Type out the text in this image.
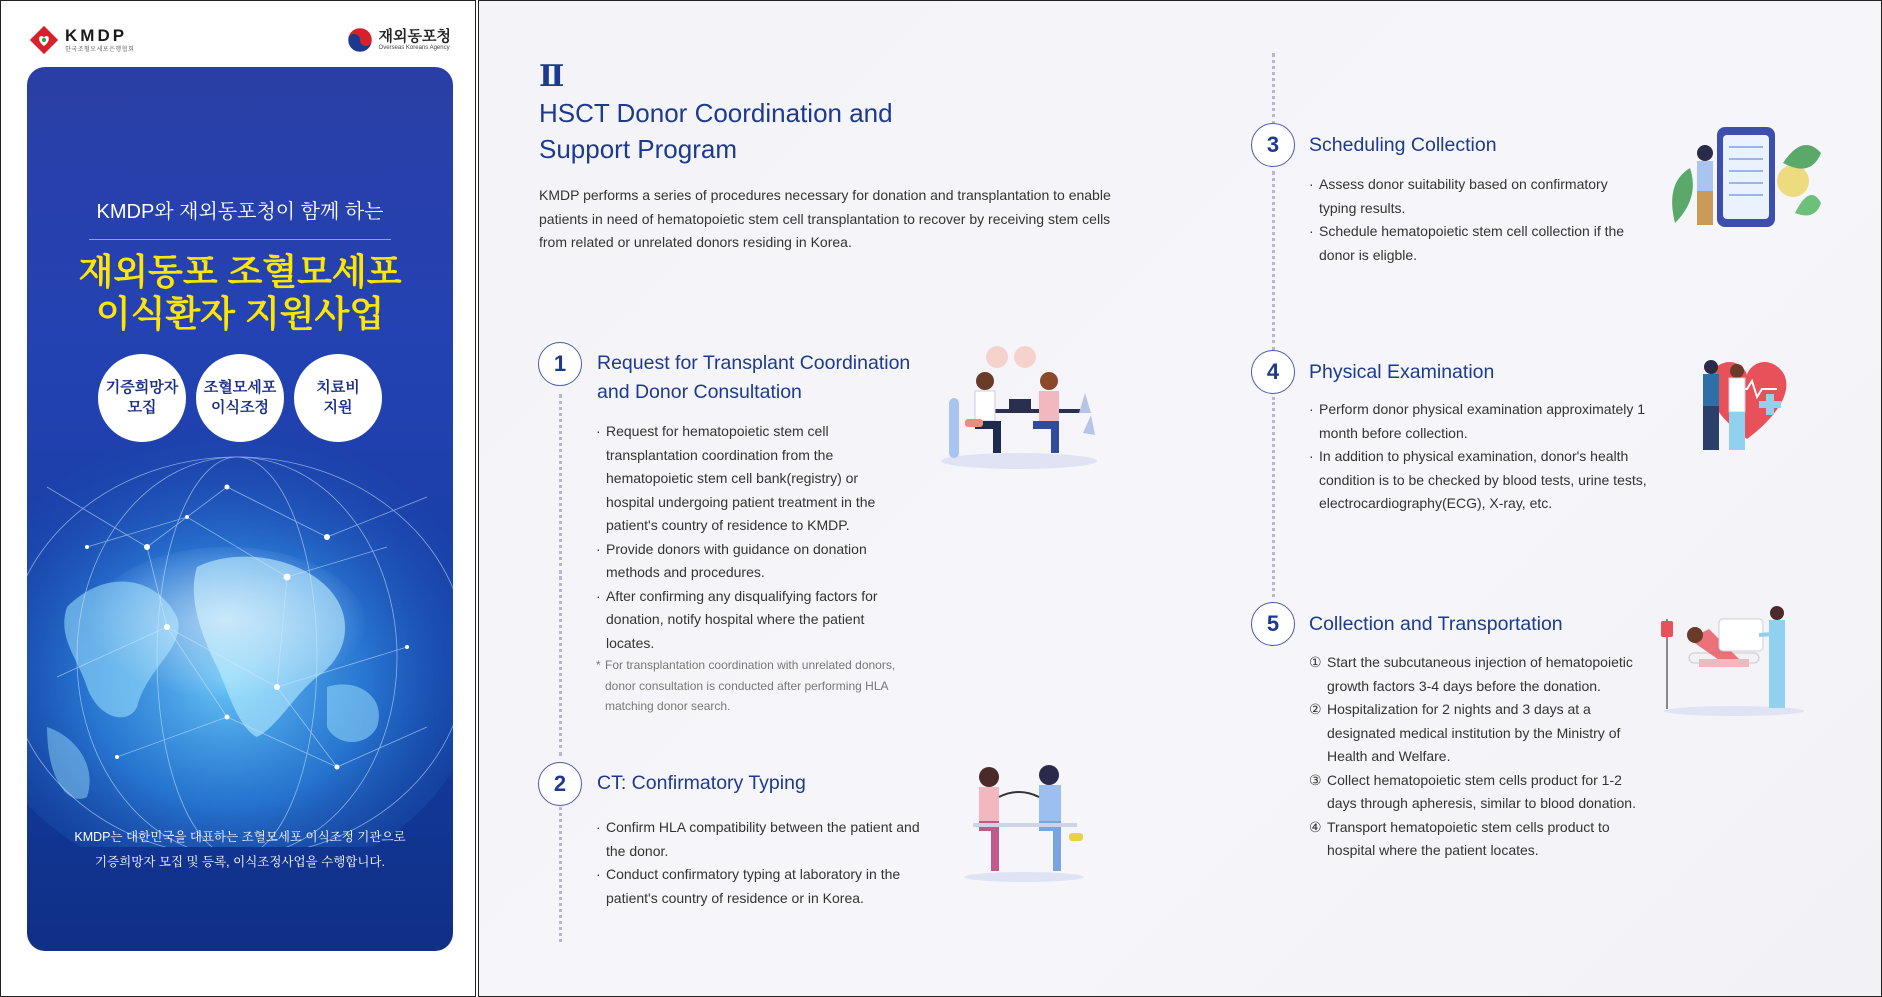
KMDP
한국조혈모세포은행협회
재외동포청
Overseas Koreans Agency
KMDP와 재외동포청이 함께 하는
재외동포 조혈모세포
이식환자 지원사업
기증희망자
모집
조혈모세포
이식조정
치료비
지원
KMDP는 대한민국을 대표하는 조혈모세포 이식조정 기관으로
기증희망자 모집 및 등록, 이식조정사업을 수행합니다.
Ⅱ
HSCT Donor Coordination and
Support Program

KMDP performs a series of procedures necessary for donation and transplantation to enable patients in need of hematopoietic stem cell transplantation to recover by receiving stem cells from related or unrelated donors residing in Korea.

1	Request for Transplant Coordination
and Donor Consultation
· Request for hematopoietic stem cell transplantation coordination from the hematopoietic stem cell bank(registry) or hospital undergoing patient treatment in the patient's country of residence to KMDP.
· Provide donors with guidance on donation methods and procedures.
· After confirming any disqualifying factors for donation, notify hospital where the patient locates.
* For transplantation coordination with unrelated donors, donor consultation is conducted after performing HLA matching donor search.
2	CT: Confirmatory Typing
· Confirm HLA compatibility between the patient and the donor.
· Conduct confirmatory typing at laboratory in the patient's country of residence or in Korea.
3	Scheduling Collection
· Assess donor suitability based on confirmatory typing results.
· Schedule hematopoietic stem cell collection if the donor is eligble.
4	Physical Examination
· Perform donor physical examination approximately 1 month before collection.
· In addition to physical examination, donor's health condition is to be checked by blood tests, urine tests, electrocardiography(ECG), X-ray, etc.
5	Collection and Transportation
① Start the subcutaneous injection of hematopoietic growth factors 3-4 days before the donation.
② Hospitalization for 2 nights and 3 days at a designated medical institution by the Ministry of Health and Welfare.
③ Collect hematopoietic stem cells product for 1-2 days through apheresis, similar to blood donation.
④ Transport hematopoietic stem cells product to hospital where the patient locates.
